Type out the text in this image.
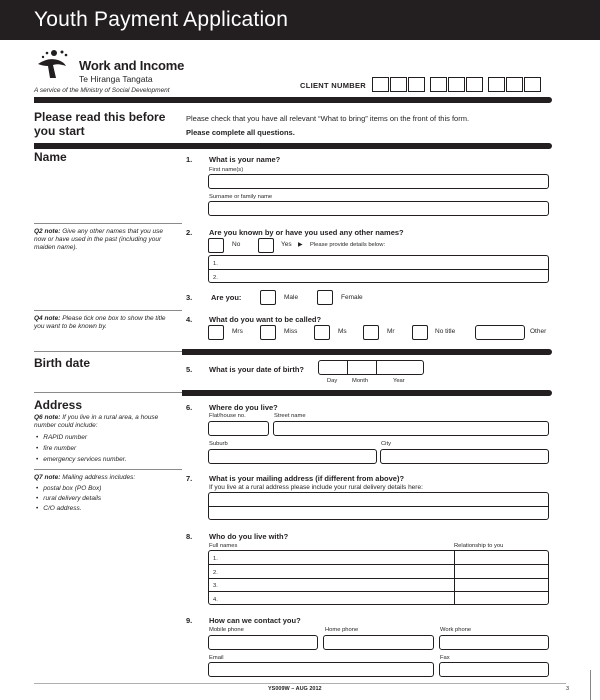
Youth Payment Application
Work and Income
Te Hiranga Tangata
A service of the Ministry of Social Development
CLIENT NUMBER
Please read this before you start
Please check that you have all relevant “What to bring” items on the front of this form.
Please complete all questions.
Name	1. What is your name?
First name(s)
Surname or family name
Q2 note: Give any other names that you use now or have used in the past (including your maiden name).
2. Are you known by or have you used any other names?
No	Yes ▶ Please provide details below:
1.
2.
3. Are you:	Male	Female
Q4 note: Please tick one box to show the title you want to be known by.
4. What do you want to be called?
Mrs	Miss	Ms	Mr	No title	Other
Birth date	5. What is your date of birth?
Day	Month	Year
Address
Q6 note: If you live in a rural area, a house number could include:
• RAPID number
• fire number
• emergency services number.
Q7 note: Mailing address includes:
• postal box (PO Box)
• rural delivery details
• C/O address.
6. Where do you live?
Flat/house no.	Street name
Suburb	City
7. What is your mailing address (if different from above)?
If you live at a rural address please include your rural delivery details here:
8. Who do you live with?
Full names	Relationship to you
1.
2.
3.
4.
9. How can we contact you?
Mobile phone	Home phone	Work phone
Email	Fax
YS009W – AUG 2012	3
